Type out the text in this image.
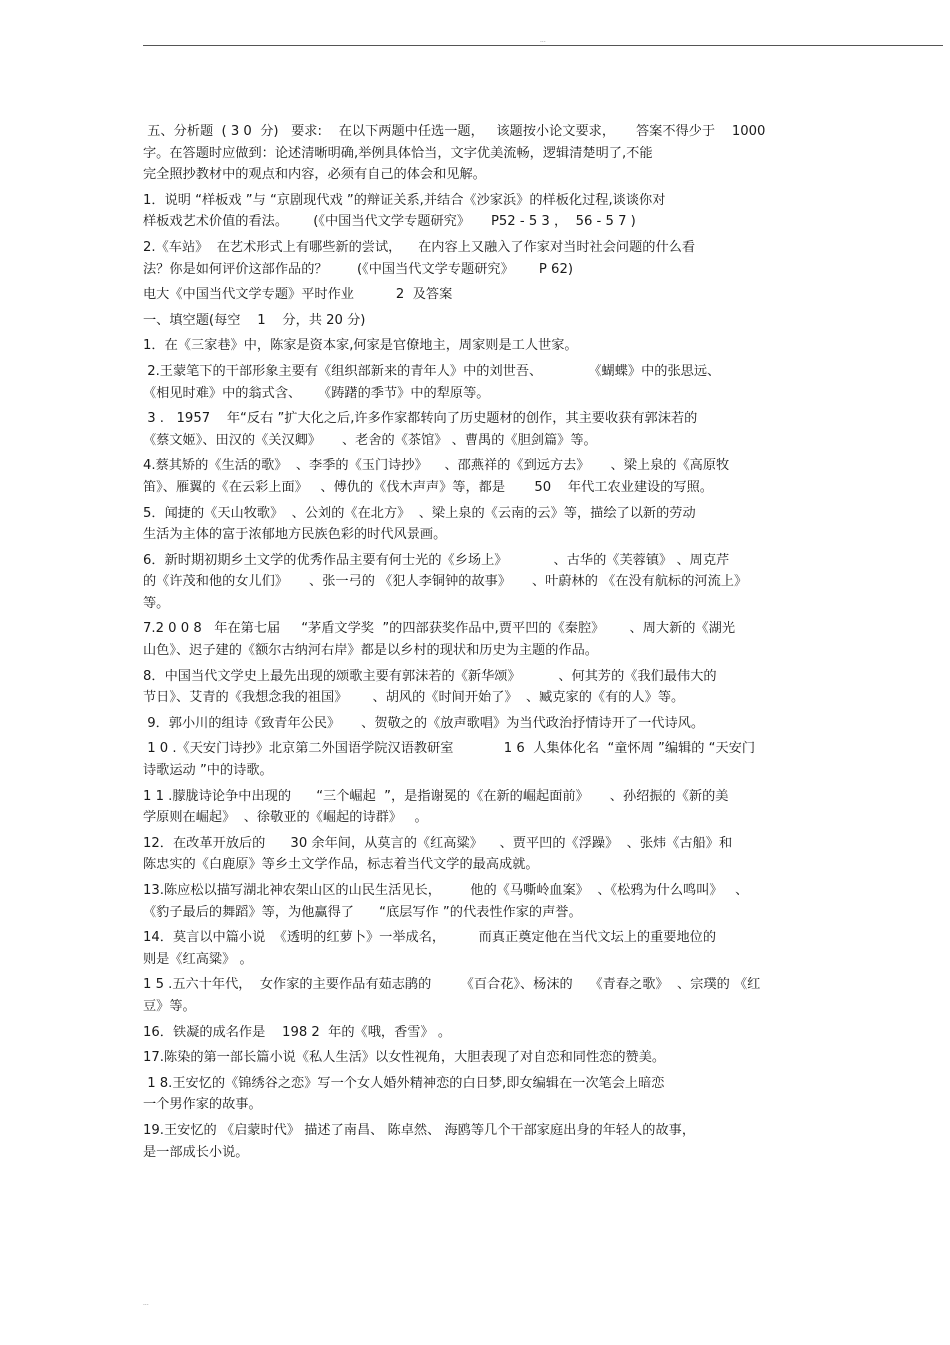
...
五、分析题  ( 3 0  分)   要求:    在以下两题中任选一题，   该题按小论文要求，     答案不得少于    1000
字。在答题时应做到：论述清晰明确,举例具体恰当，文字优美流畅，逻辑清楚明了,不能
完全照抄教材中的观点和内容，必须有自己的体会和见解。
1．说明 “样板戏 ”与 “京剧现代戏 ”的辩证关系,并结合《沙家浜》的样板化过程,谈谈你对
样板戏艺术价值的看法。      (《中国当代文学专题研究》     P52 - 5 3 ，  56 - 5 7 )
2.《车站》  在艺术形式上有哪些新的尝试，    在内容上又融入了作家对当时社会问题的什么看
法？你是如何评价这部作品的？       (《中国当代文学专题研究》      P 62)
电大《中国当代文学专题》平时作业          2  及答案
一、填空题(每空    1    分，共 20 分)
1．在《三家巷》中，陈家是资本家,何家是官僚地主，周家则是工人世家。
2.王蒙笔下的干部形象主要有《组织部新来的青年人》中的刘世吾、           《蝴蝶》中的张思远、
《相见时难》中的翁式含、    《踌躇的季节》中的犁原等。
3 .   1957    年“反右 ”扩大化之后,许多作家都转向了历史题材的创作，其主要收获有郭沫若的
《蔡文姬》、田汉的《关汉卿》     、老舍的《茶馆》 、曹禺的《胆剑篇》等。
4.蔡其矫的《生活的歌》  、李季的《玉门诗抄》    、邵燕祥的《到远方去》     、梁上泉的《高原牧
笛》、雁翼的《在云彩上面》   、傅仇的《伐木声声》等，都是       50    年代工农业建设的写照。
5．闻捷的《天山牧歌》  、公刘的《在北方》  、梁上泉的《云南的云》等，描绘了以新的劳动
生活为主体的富于浓郁地方民族色彩的时代风景画。
6．新时期初期乡土文学的优秀作品主要有何士光的《乡场上》           、古华的《芙蓉镇》 、周克芹
的《许茂和他的女儿们》     、张一弓的 《犯人李铜钟的故事》     、叶蔚林的 《在没有航标的河流上》
等。
7.2 0 0 8   年在第七届     “茅盾文学奖  ”的四部获奖作品中,贾平凹的《秦腔》      、周大新的《湖光
山色》、迟子建的《额尔古纳河右岸》都是以乡村的现状和历史为主题的作品。
8．中国当代文学史上最先出现的颂歌主要有郭沫若的《新华颂》         、何其芳的《我们最伟大的
节日》、艾青的《我想念我的祖国》      、胡风的《时间开始了》  、臧克家的《有的人》等。
9．郭小川的组诗《致青年公民》     、贺敬之的《放声歌唱》为当代政治抒情诗开了一代诗风。
1 0 .《天安门诗抄》北京第二外国语学院汉语教研室            1 6  人集体化名  “童怀周 ”编辑的 “天安门
诗歌运动 ”中的诗歌。
1 1 .朦胧诗论争中出现的      “三个崛起  ”，是指谢冕的《在新的崛起面前》     、孙绍振的《新的美
学原则在崛起》  、徐敬亚的《崛起的诗群》   。
12．在改革开放后的      30 余年间，从莫言的《红高粱》    、贾平凹的《浮躁》  、张炜《古船》和
陈忠实的《白鹿原》等乡土文学作品，标志着当代文学的最高成就。
13.陈应松以描写湖北神农架山区的山民生活见长，       他的《马嘶岭血案》  、《松鸦为什么鸣叫》   、
《豹子最后的舞蹈》等，为他赢得了      “底层写作 ”的代表性作家的声誉。
14．莫言以中篇小说  《透明的红萝卜》一举成名，        而真正奠定他在当代文坛上的重要地位的
则是《红高粱》 。
1 5 .五六十年代，  女作家的主要作品有茹志鹃的       《百合花》、杨沫的    《青春之歌》  、宗璞的 《红
豆》等。
16．铁凝的成名作是    198 2  年的《哦，香雪》 。
17.陈染的第一部长篇小说《私人生活》以女性视角，大胆表现了对自恋和同性恋的赞美。
1 8.王安忆的《锦绣谷之恋》写一个女人婚外精神恋的白日梦,即女编辑在一次笔会上暗恋
一个男作家的故事。
19.王安忆的 《启蒙时代》 描述了南昌、 陈卓然、 海鸥等几个干部家庭出身的年轻人的故事，
是一部成长小说。
...
